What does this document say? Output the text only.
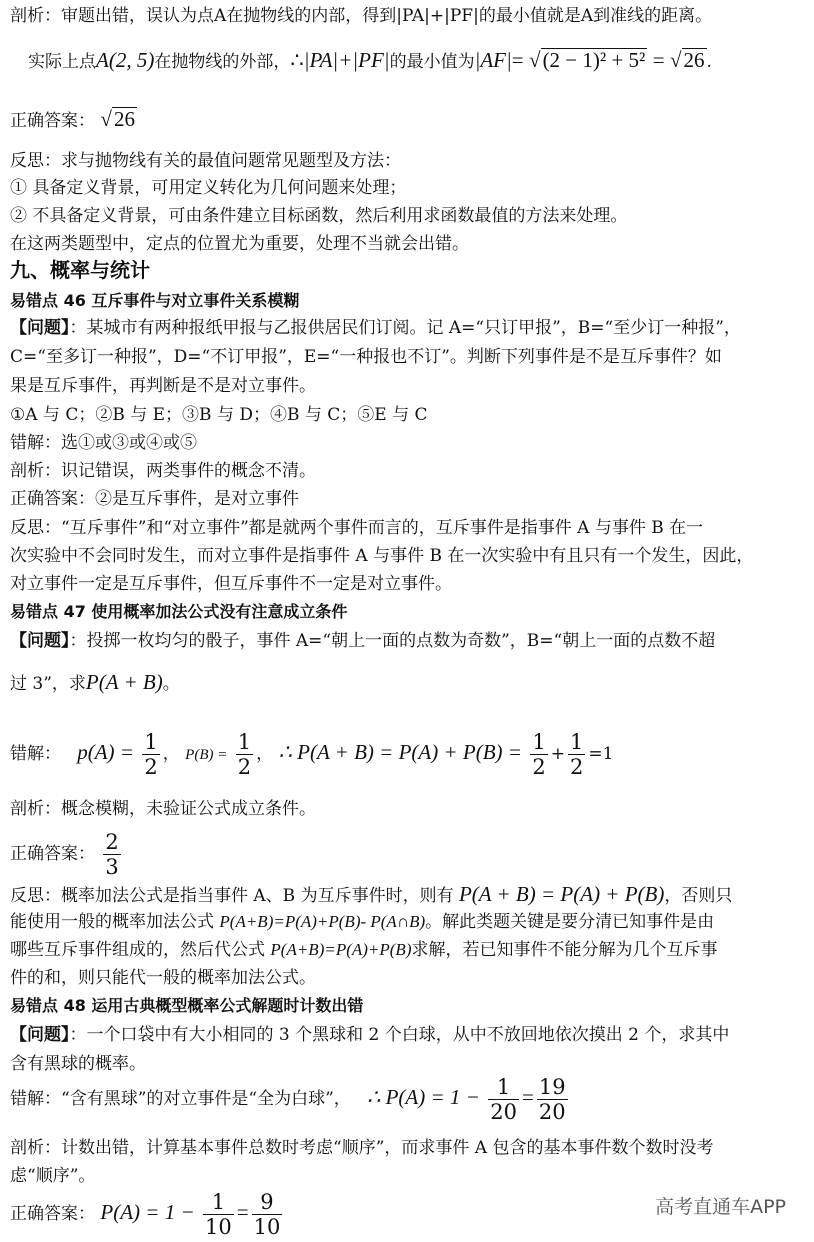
剖析：审题出错，误认为点A在抛物线的内部，得到|PA|+|PF|的最小值就是A到准线的距离。
实际上点A(2, 5)在抛物线的外部，∴|PA|+|PF|的最小值为|AF|= √(2 − 1)² + 5² = √26 .
正确答案： √26
反思：求与抛物线有关的最值问题常见题型及方法：
① 具备定义背景，可用定义转化为几何问题来处理；
② 不具备定义背景，可由条件建立目标函数，然后利用求函数最值的方法来处理。
在这两类题型中，定点的位置尤为重要，处理不当就会出错。
九、概率与统计
易错点 46 互斥事件与对立事件关系模糊
【问题】：某城市有两种报纸甲报与乙报供居民们订阅。记 A=“只订甲报”，B=“至少订一种报”，
C=“至多订一种报”，D=“不订甲报”，E=“一种报也不订”。判断下列事件是不是互斥事件？如
果是互斥事件，再判断是不是对立事件。
①A 与 C；②B 与 E；③B 与 D；④B 与 C；⑤E 与 C
错解：选①或③或④或⑤
剖析：识记错误，两类事件的概念不清。
正确答案：②是互斥事件，是对立事件
反思：“互斥事件”和“对立事件”都是就两个事件而言的，互斥事件是指事件 A 与事件 B 在一
次实验中不会同时发生，而对立事件是指事件 A 与事件 B 在一次实验中有且只有一个发生，因此，
对立事件一定是互斥事件，但互斥事件不一定是对立事件。
易错点 47 使用概率加法公式没有注意成立条件
【问题】：投掷一枚均匀的骰子，事件 A=“朝上一面的点数为奇数”，B=“朝上一面的点数不超
过 3”，求P(A + B)。
错解： $p(A) = \frac{1}{2}$ ， $P(B) = \frac{1}{2}$ ， ∴ $P(A + B) = P(A) + P(B) = \frac{1}{2} + \frac{1}{2} =1$
剖析：概念模糊，未验证公式成立条件。
正确答案： $\frac{2}{3}$
反思：概率加法公式是指当事件 A、B 为互斥事件时，则有 P(A + B) = P(A) + P(B)，否则只
能使用一般的概率加法公式 P(A+B)=P(A)+P(B)- P(A∩B)。解此类题关键是要分清已知事件是由
哪些互斥事件组成的，然后代公式 P(A+B)=P(A)+P(B)求解，若已知事件不能分解为几个互斥事
件的和，则只能代一般的概率加法公式。
易错点 48 运用古典概型概率公式解题时计数出错
【问题】：一个口袋中有大小相同的 3 个黑球和 2 个白球，从中不放回地依次摸出 2 个，求其中
含有黑球的概率。
错解：“含有黑球”的对立事件是“全为白球”， ∴ $P(A) = 1 - \frac{1}{20} = \frac{19}{20}$
剖析：计数出错，计算基本事件总数时考虑“顺序”，而求事件 A 包含的基本事件数个数时没考
虑“顺序”。
正确答案： $P(A) = 1 - \frac{1}{10} = \frac{9}{10}$	高考直通车APP
